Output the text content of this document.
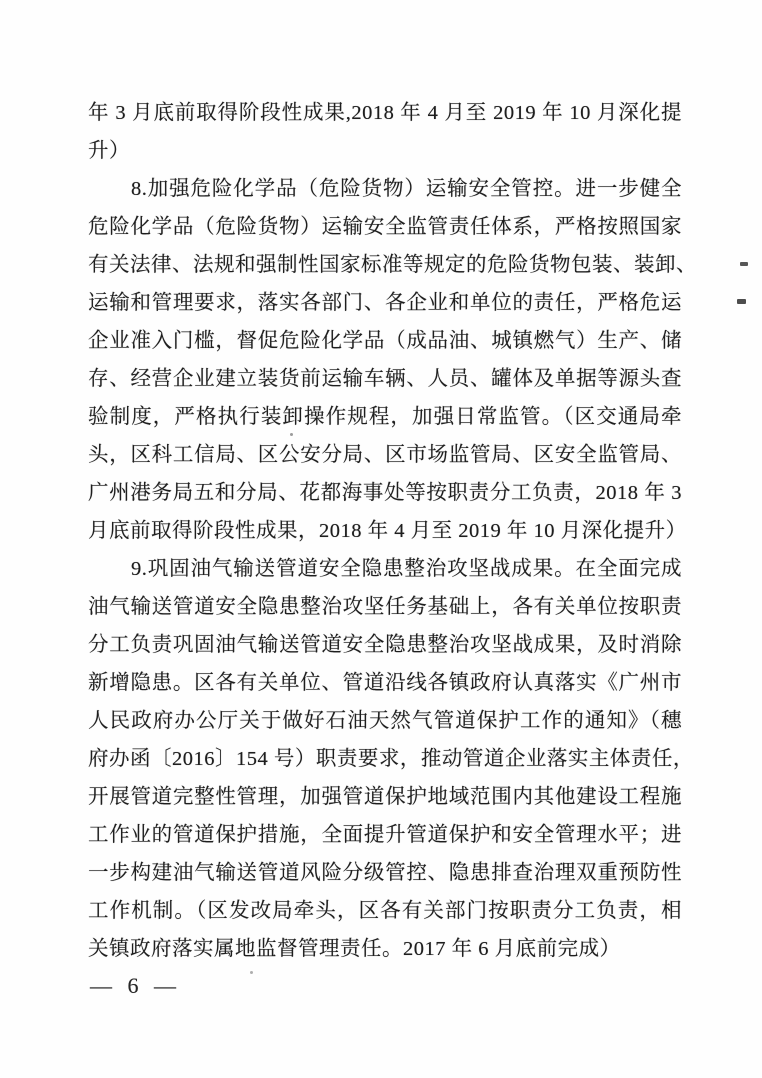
年 3 月底前取得阶段性成果,2018 年 4 月至 2019 年 10 月深化提
升）
8.加强危险化学品（危险货物）运输安全管控。进一步健全
危险化学品（危险货物）运输安全监管责任体系，严格按照国家
有关法律、法规和强制性国家标准等规定的危险货物包装、装卸、
运输和管理要求，落实各部门、各企业和单位的责任，严格危运
企业准入门槛，督促危险化学品（成品油、城镇燃气）生产、储
存、经营企业建立装货前运输车辆、人员、罐体及单据等源头查
验制度，严格执行装卸操作规程，加强日常监管。（区交通局牵
头，区科工信局、区公安分局、区市场监管局、区安全监管局、
广州港务局五和分局、花都海事处等按职责分工负责，2018 年 3
月底前取得阶段性成果，2018 年 4 月至 2019 年 10 月深化提升）
9.巩固油气输送管道安全隐患整治攻坚战成果。在全面完成
油气输送管道安全隐患整治攻坚任务基础上，各有关单位按职责
分工负责巩固油气输送管道安全隐患整治攻坚战成果，及时消除
新增隐患。区各有关单位、管道沿线各镇政府认真落实《广州市
人民政府办公厅关于做好石油天然气管道保护工作的通知》（穗
府办函〔2016〕154 号）职责要求，推动管道企业落实主体责任，
开展管道完整性管理，加强管道保护地域范围内其他建设工程施
工作业的管道保护措施，全面提升管道保护和安全管理水平；进
一步构建油气输送管道风险分级管控、隐患排查治理双重预防性
工作机制。（区发改局牵头，区各有关部门按职责分工负责，相
关镇政府落实属地监督管理责任。2017 年 6 月底前完成）
— 6 —
